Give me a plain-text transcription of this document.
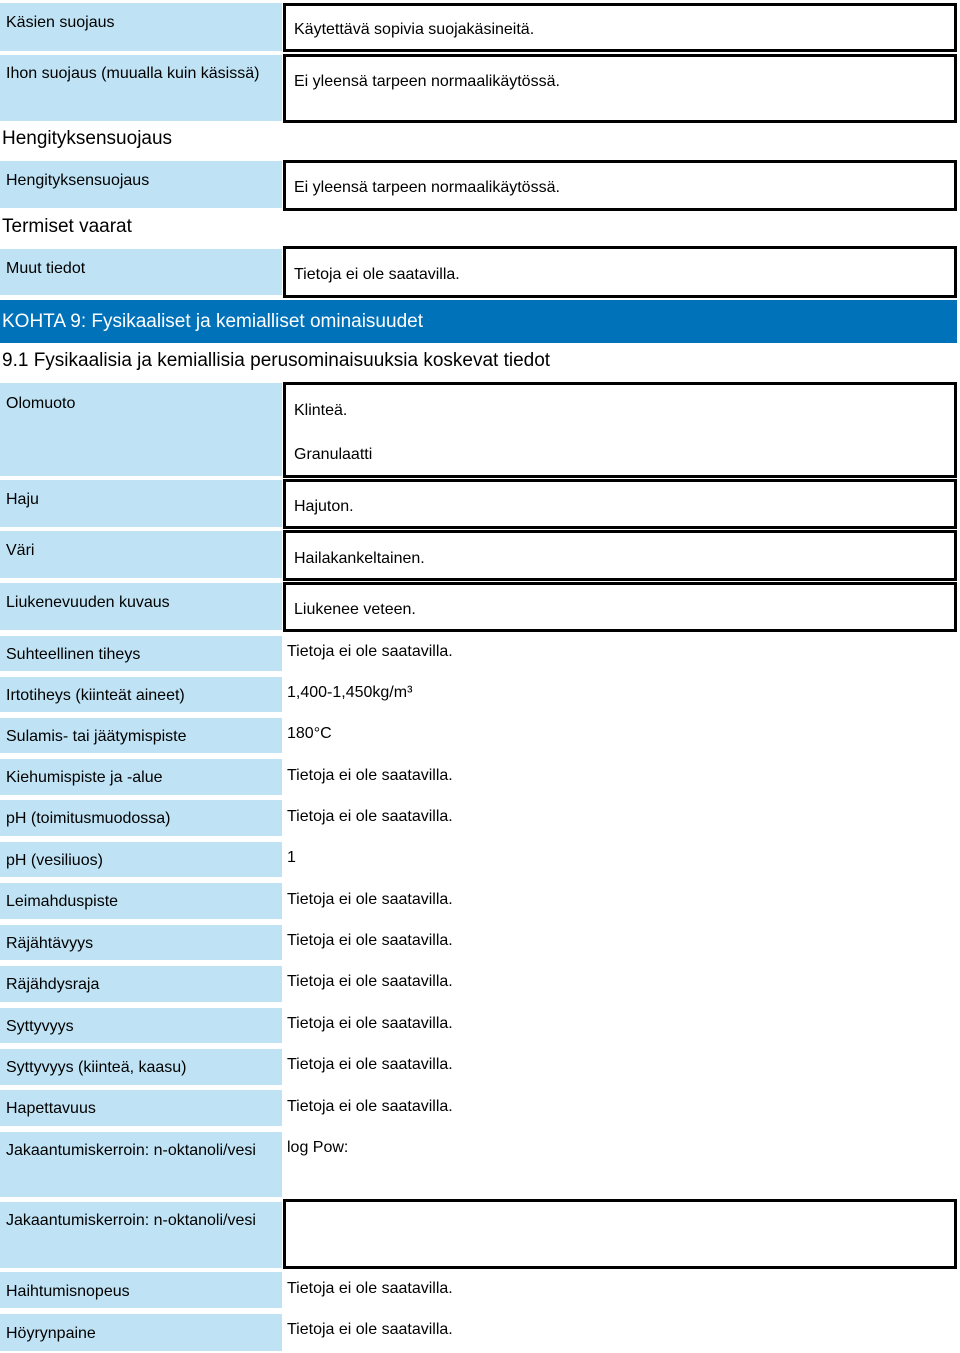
Käsien suojaus	Käytettävä sopivia suojakäsineitä.
Ihon suojaus (muualla kuin käsissä)	Ei yleensä tarpeen normaalikäytössä.
Hengityksensuojaus
Hengityksensuojaus	Ei yleensä tarpeen normaalikäytössä.
Termiset vaarat
Muut tiedot	Tietoja ei ole saatavilla.
KOHTA 9: Fysikaaliset ja kemialliset ominaisuudet
9.1 Fysikaalisia ja kemiallisia perusominaisuuksia koskevat tiedot
Olomuoto	Klinteä.
Granulaatti
Haju	Hajuton.
Väri	Hailakankeltainen.
Liukenevuuden kuvaus	Liukenee veteen.
Suhteellinen tiheys	Tietoja ei ole saatavilla.
Irtotiheys (kiinteät aineet)	1,400-1,450kg/m³
Sulamis- tai jäätymispiste	180°C
Kiehumispiste ja -alue	Tietoja ei ole saatavilla.
pH (toimitusmuodossa)	Tietoja ei ole saatavilla.
pH (vesiliuos)	1
Leimahduspiste	Tietoja ei ole saatavilla.
Räjähtävyys	Tietoja ei ole saatavilla.
Räjähdysraja	Tietoja ei ole saatavilla.
Syttyvyys	Tietoja ei ole saatavilla.
Syttyvyys (kiinteä, kaasu)	Tietoja ei ole saatavilla.
Hapettavuus	Tietoja ei ole saatavilla.
Jakaantumiskerroin: n-oktanoli/vesi	log Pow:
Jakaantumiskerroin: n-oktanoli/vesi
Haihtumisnopeus	Tietoja ei ole saatavilla.
Höyrynpaine	Tietoja ei ole saatavilla.
